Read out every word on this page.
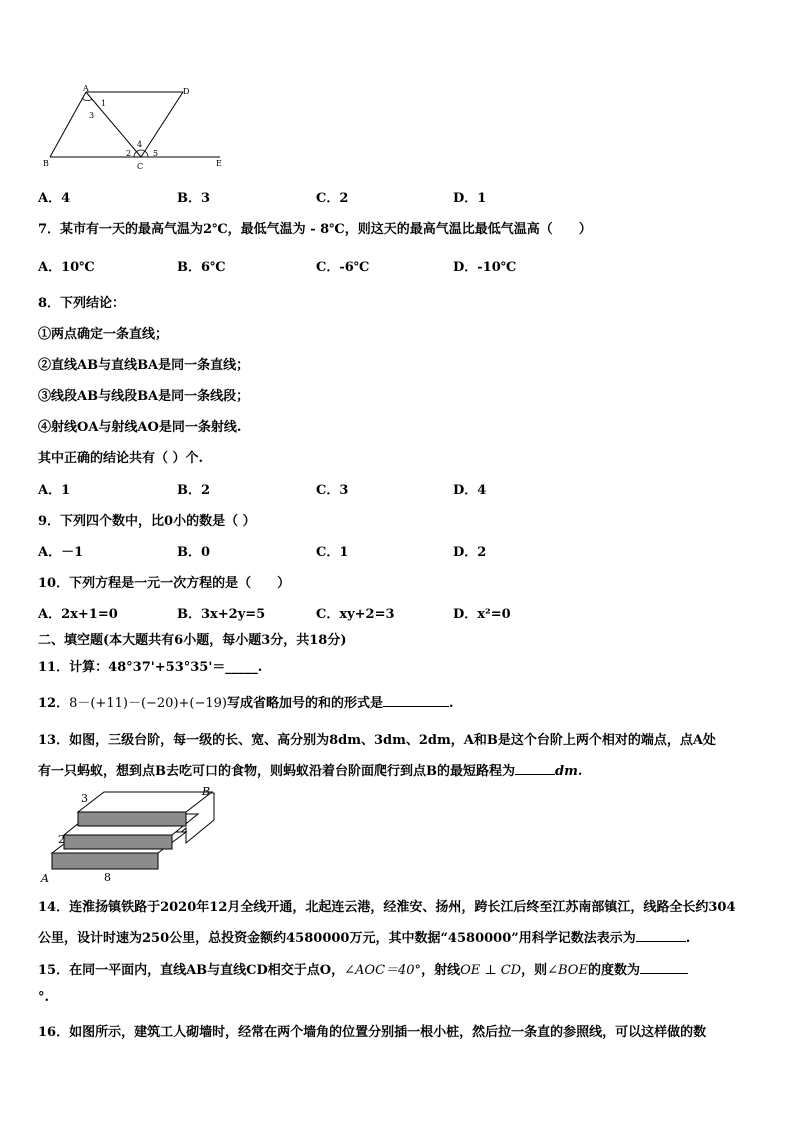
A	D
B	C	E
1
3
2
4
5
A．4	B．3	C．2	D．1
7．某市有一天的最高气温为2℃，最低气温为 - 8℃，则这天的最高气温比最低气温高（　　）
A．10℃	B．6℃	C．-6℃	D．-10℃
8．下列结论：
①两点确定一条直线；
②直线AB与直线BA是同一条直线；
③线段AB与线段BA是同一条线段；
④射线OA与射线AO是同一条射线.
其中正确的结论共有（ ）个.
A．1	B．2	C．3	D．4
9．下列四个数中，比0小的数是（ ）
A．－1	B．0	C．1	D．2
10．下列方程是一元一次方程的是（　　）
A．2x+1=0	B．3x+2y=5	C．xy+2=3	D．x²=0
二、填空题(本大题共有6小题，每小题3分，共18分)
11．计算：48°37'+53°35'＝_____.
12．8－(+11)－(−20)+(−19)写成省略加号的和的形式是	.
13．如图，三级台阶，每一级的长、宽、高分别为8dm、3dm、2dm，A和B是这个台阶上两个相对的端点，点A处
有一只蚂蚁，想到点B去吃可口的食物，则蚂蚁沿着台阶面爬行到点B的最短路程为	dm.
3
2
8
A
B
14．连淮扬镇铁路于2020年12月全线开通，北起连云港，经淮安、扬州，跨长江后终至江苏南部镇江，线路全长约304
公里，设计时速为250公里，总投资金额约4580000万元，其中数据“4580000”用科学记数法表示为	.
15．在同一平面内，直线AB与直线CD相交于点O，∠AOC＝40°，射线OE ⊥ CD，则∠BOE的度数为
°.
16．如图所示，建筑工人砌墙时，经常在两个墙角的位置分别插一根小桩，然后拉一条直的参照线，可以这样做的数
